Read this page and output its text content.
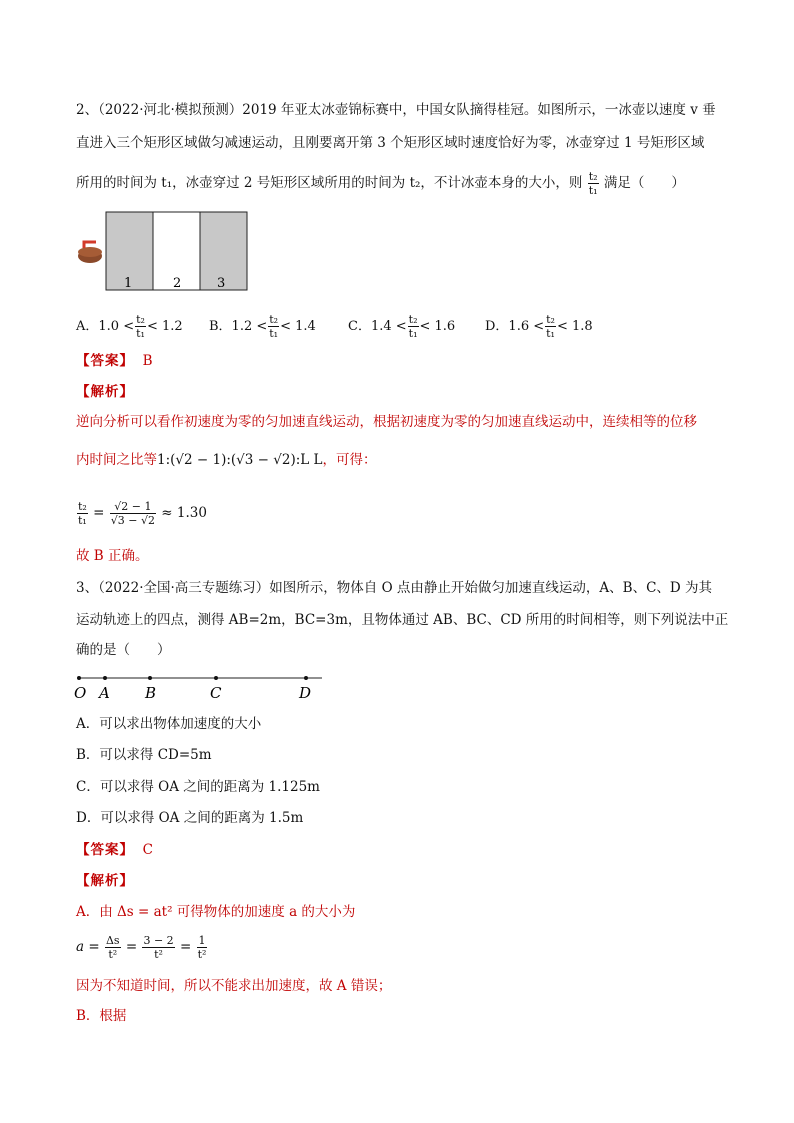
2、（2022·河北·模拟预测）2019 年亚太冰壶锦标赛中，中国女队摘得桂冠。如图所示，一冰壶以速度 v 垂
直进入三个矩形区域做匀减速运动，且刚要离开第 3 个矩形区域时速度恰好为零，冰壶穿过 1 号矩形区域
所用的时间为 t₁，冰壶穿过 2 号矩形区域所用的时间为 t₂，不计冰壶本身的大小，则 $\frac{\text{t₂}}{\text{t₁}}$ 满足（　　）
1	2	3
A．$1.0 < \frac{\text{t₂}}{\text{t₁}} < 1.2$ B．$1.2 < \frac{\text{t₂}}{\text{t₁}} < 1.4$ C．$1.4 < \frac{\text{t₂}}{\text{t₁}} < 1.6$ D．$1.6 < \frac{\text{t₂}}{\text{t₁}} < 1.8$
【答案】 B
【解析】
逆向分析可以看作初速度为零的匀加速直线运动，根据初速度为零的匀加速直线运动中，连续相等的位移
内时间之比等1:(√2 − 1):(√3 − √2):L L，可得：
$\frac{\text{t₂}}{\text{t₁}} = \frac{√2 - 1}{√3 - √2} \approx 1.30$
故 B 正确。
3、（2022·全国·高三专题练习）如图所示，物体自 O 点由静止开始做匀加速直线运动，A、B、C、D 为其
运动轨迹上的四点，测得 AB=2m，BC=3m，且物体通过 AB、BC、CD 所用的时间相等，则下列说法中正
确的是（　　）
O A B	C	D
A．可以求出物体加速度的大小
B．可以求得 CD=5m
C．可以求得 OA 之间的距离为 1.125m
D．可以求得 OA 之间的距离为 1.5m
【答案】 C
【解析】
A．由 Δs = at² 可得物体的加速度 a 的大小为
$a = \frac{\Delta s}{\text{t²}} = \frac{3 - 2}{\text{t²}} = \frac{1}{\text{t²}}$
因为不知道时间，所以不能求出加速度，故 A 错误；
B．根据
